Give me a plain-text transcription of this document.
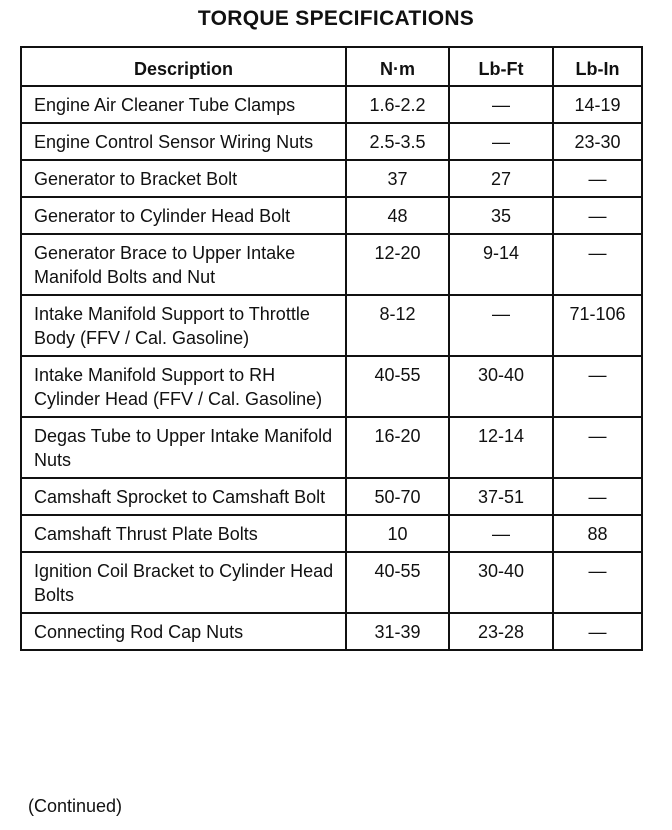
TORQUE SPECIFICATIONS
Description	N·m	Lb-Ft	Lb-In
Engine Air Cleaner Tube Clamps	1.6-2.2	—	14-19
Engine Control Sensor Wiring Nuts	2.5-3.5	—	23-30
Generator to Bracket Bolt	37	27	—
Generator to Cylinder Head Bolt	48	35	—
Generator Brace to Upper Intake Manifold Bolts and Nut	12-20	9-14	—
Intake Manifold Support to Throttle Body (FFV / Cal. Gasoline)	8-12	—	71-106
Intake Manifold Support to RH Cylinder Head (FFV / Cal. Gasoline)	40-55	30-40	—
Degas Tube to Upper Intake Manifold Nuts	16-20	12-14	—
Camshaft Sprocket to Camshaft Bolt	50-70	37-51	—
Camshaft Thrust Plate Bolts	10	—	88
Ignition Coil Bracket to Cylinder Head Bolts	40-55	30-40	—
Connecting Rod Cap Nuts	31-39	23-28	—
(Continued)
